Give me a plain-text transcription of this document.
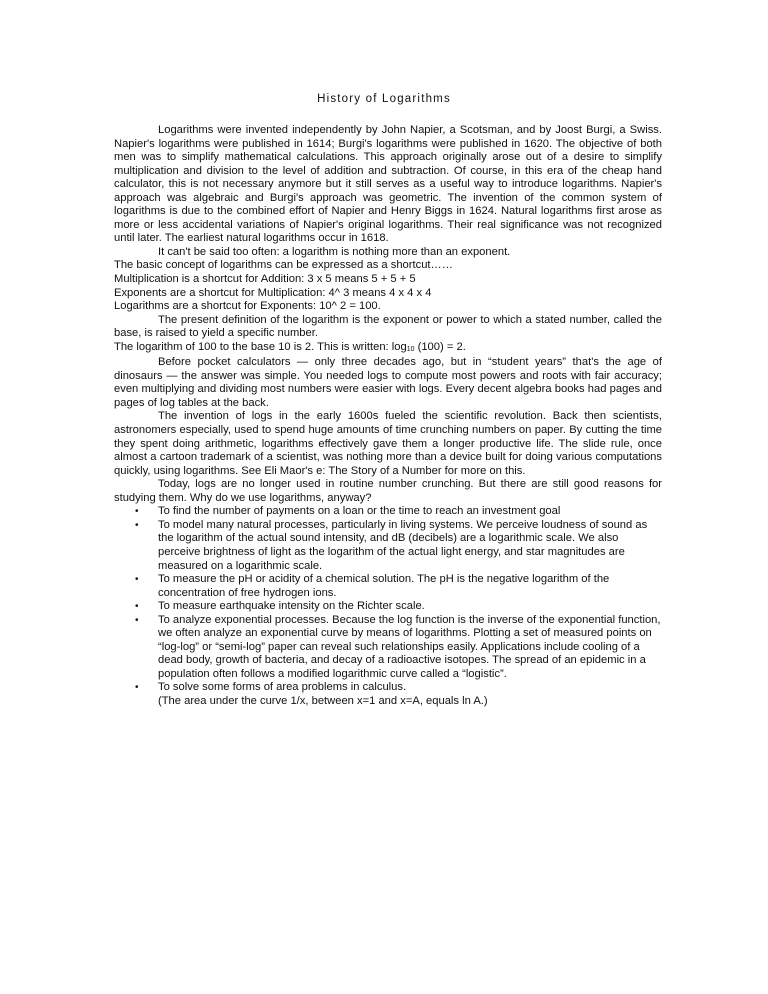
History of Logarithms

Logarithms were invented independently by John Napier, a Scotsman, and by Joost Burgi, a Swiss. Napier's logarithms were published in 1614; Burgi's logarithms were published in 1620. The objective of both men was to simplify mathematical calculations. This approach originally arose out of a desire to simplify multiplication and division to the level of addition and subtraction. Of course, in this era of the cheap hand calculator, this is not necessary anymore but it still serves as a useful way to introduce logarithms. Napier's approach was algebraic and Burgi's approach was geometric. The invention of the common system of logarithms is due to the combined effort of Napier and Henry Biggs in 1624. Natural logarithms first arose as more or less accidental variations of Napier's original logarithms. Their real significance was not recognized until later. The earliest natural logarithms occur in 1618.

It can't be said too often: a logarithm is nothing more than an exponent.

The basic concept of logarithms can be expressed as a shortcut……

Multiplication is a shortcut for Addition: 3 x 5 means 5 + 5 + 5

Exponents are a shortcut for Multiplication: 4^ 3 means 4 x 4 x 4

Logarithms are a shortcut for Exponents: 10^ 2 = 100.

The present definition of the logarithm is the exponent or power to which a stated number, called the base, is raised to yield a specific number.

The logarithm of 100 to the base 10 is 2. This is written: $\log_{10} (100) = 2$.

Before pocket calculators — only three decades ago, but in “student years” that's the age of dinosaurs — the answer was simple. You needed logs to compute most powers and roots with fair accuracy; even multiplying and dividing most numbers were easier with logs. Every decent algebra books had pages and pages of log tables at the back.

The invention of logs in the early 1600s fueled the scientific revolution. Back then scientists, astronomers especially, used to spend huge amounts of time crunching numbers on paper. By cutting the time they spent doing arithmetic, logarithms effectively gave them a longer productive life. The slide rule, once almost a cartoon trademark of a scientist, was nothing more than a device built for doing various computations quickly, using logarithms. See Eli Maor's e: The Story of a Number for more on this.

Today, logs are no longer used in routine number crunching. But there are still good reasons for studying them. Why do we use logarithms, anyway?

• To find the number of payments on a loan or the time to reach an investment goal
• To model many natural processes, particularly in living systems. We perceive loudness of sound as the logarithm of the actual sound intensity, and dB (decibels) are a logarithmic scale. We also perceive brightness of light as the logarithm of the actual light energy, and star magnitudes are measured on a logarithmic scale.
• To measure the pH or acidity of a chemical solution. The pH is the negative logarithm of the concentration of free hydrogen ions.
• To measure earthquake intensity on the Richter scale.
• To analyze exponential processes. Because the log function is the inverse of the exponential function, we often analyze an exponential curve by means of logarithms. Plotting a set of measured points on “log-log” or “semi-log” paper can reveal such relationships easily. Applications include cooling of a dead body, growth of bacteria, and decay of a radioactive isotopes. The spread of an epidemic in a population often follows a modified logarithmic curve called a “logistic”.
• To solve some forms of area problems in calculus.
(The area under the curve 1/x, between x=1 and x=A, equals ln A.)
